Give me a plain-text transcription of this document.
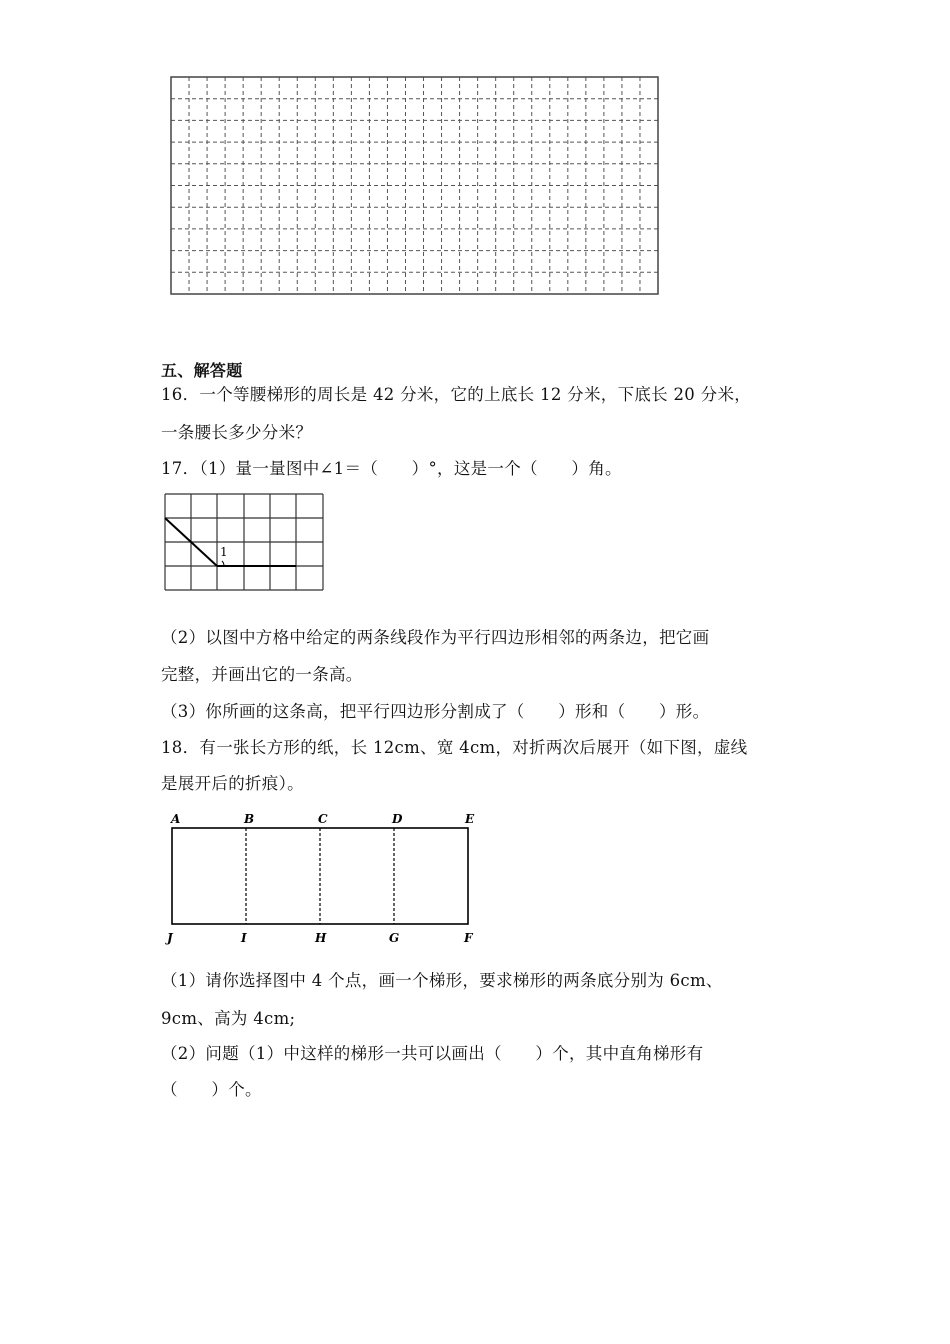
五、解答题
16．一个等腰梯形的周长是 42 分米，它的上底长 12 分米，下底长 20 分米，
一条腰长多少分米？
17．（1）量一量图中∠1＝（　　）°，这是一个（　　）角。
1
（2）以图中方格中给定的两条线段作为平行四边形相邻的两条边，把它画
完整，并画出它的一条高。
（3）你所画的这条高，把平行四边形分割成了（　　）形和（　　）形。
18．有一张长方形的纸，长 12cm、宽 4cm，对折两次后展开（如下图，虚线
是展开后的折痕）。
A	B	C	D	E
J	I	H	G	F
（1）请你选择图中 4 个点，画一个梯形，要求梯形的两条底分别为 6cm、
9cm、高为 4cm;
（2）问题（1）中这样的梯形一共可以画出（　　）个，其中直角梯形有
（　　）个。
